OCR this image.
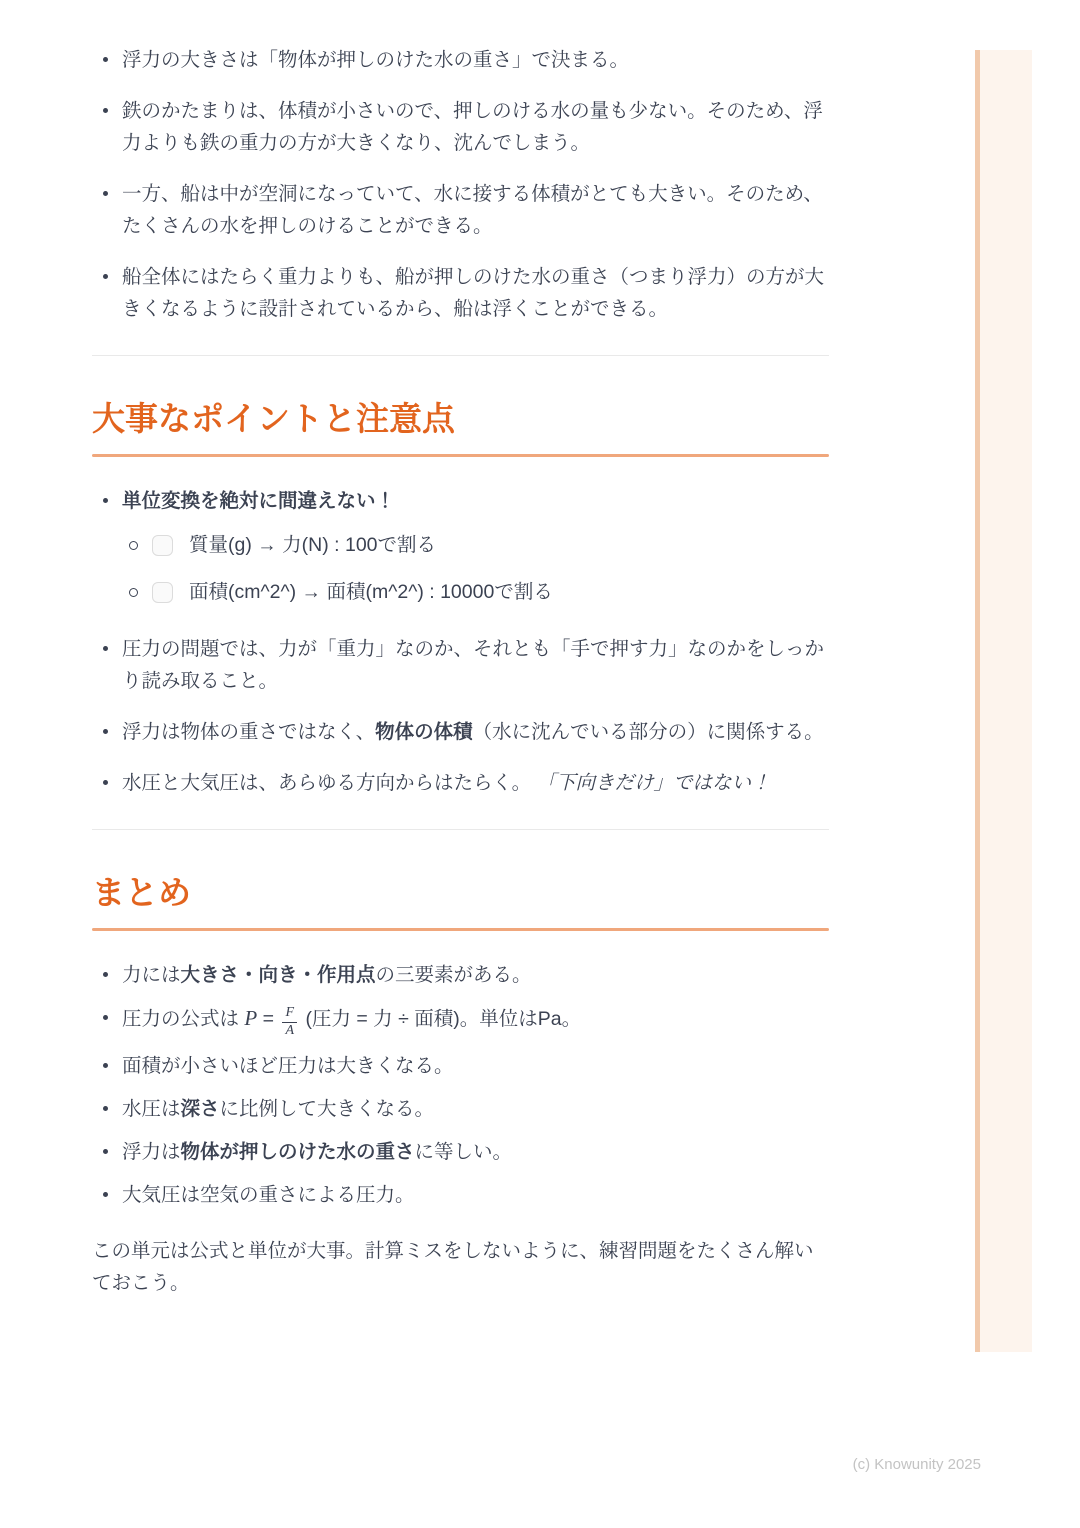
浮力の大きさは「物体が押しのけた水の重さ」で決まる。
鉄のかたまりは、体積が小さいので、押しのける水の量も少ない。そのため、浮力よりも鉄の重力の方が大きくなり、沈んでしまう。
一方、船は中が空洞になっていて、水に接する体積がとても大きい。そのため、たくさんの水を押しのけることができる。
船全体にはたらく重力よりも、船が押しのけた水の重さ（つまり浮力）の方が大きくなるように設計されているから、船は浮くことができる。
大事なポイントと注意点
単位変換を絶対に間違えない！
質量(g) → 力(N) : 100で割る
面積(cm^2^) → 面積(m^2^) : 10000で割る
圧力の問題では、力が「重力」なのか、それとも「手で押す力」なのかをしっかり読み取ること。
浮力は物体の重さではなく、物体の体積（水に沈んでいる部分の）に関係する。
水圧と大気圧は、あらゆる方向からはたらく。 「下向きだけ」ではない！
まとめ
力には大きさ・向き・作用点の三要素がある。
圧力の公式は $P = \frac{F}{A}$ (圧力 = 力 ÷ 面積)。単位はPa。
面積が小さいほど圧力は大きくなる。
水圧は深さに比例して大きくなる。
浮力は物体が押しのけた水の重さに等しい。
大気圧は空気の重さによる圧力。

この単元は公式と単位が大事。計算ミスをしないように、練習問題をたくさん解いておこう。

(c) Knowunity 2025
